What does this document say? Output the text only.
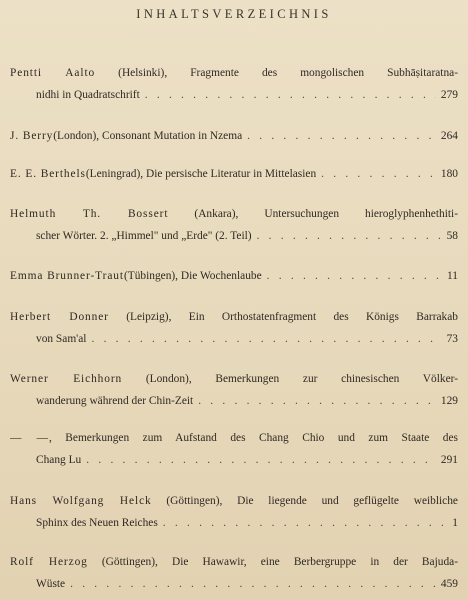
INHALTSVERZEICHNIS
Pentti Aalto (Helsinki), Fragmente des mongolischen Subhāṣitaratna-
nidhi in Quadratschrift . . .	279
J. Berry (London), Consonant Mutation in Nzema . . .	264
E. E. Berthels (Leningrad), Die persische Literatur in Mittelasien . . .	180
Helmuth Th. Bossert (Ankara), Untersuchungen hieroglyphenhethiti-
scher Wörter. 2. „Himmel" und „Erde" (2. Teil) . . .	58
Emma Brunner-Traut (Tübingen), Die Wochenlaube . . .	11
Herbert Donner (Leipzig), Ein Orthostatenfragment des Königs Barrakab
von Sam'al . . .	73
Werner Eichhorn (London), Bemerkungen zur chinesischen Völker-
wanderung während der Chin-Zeit . . .	129
— —, Bemerkungen zum Aufstand des Chang Chio und zum Staate des
Chang Lu . . .	291
Hans Wolfgang Helck (Göttingen), Die liegende und geflügelte weibliche
Sphinx des Neuen Reiches . . .	1
Rolf Herzog (Göttingen), Die Hawawir, eine Berbergruppe in der Bajuda-
Wüste . . .	459
